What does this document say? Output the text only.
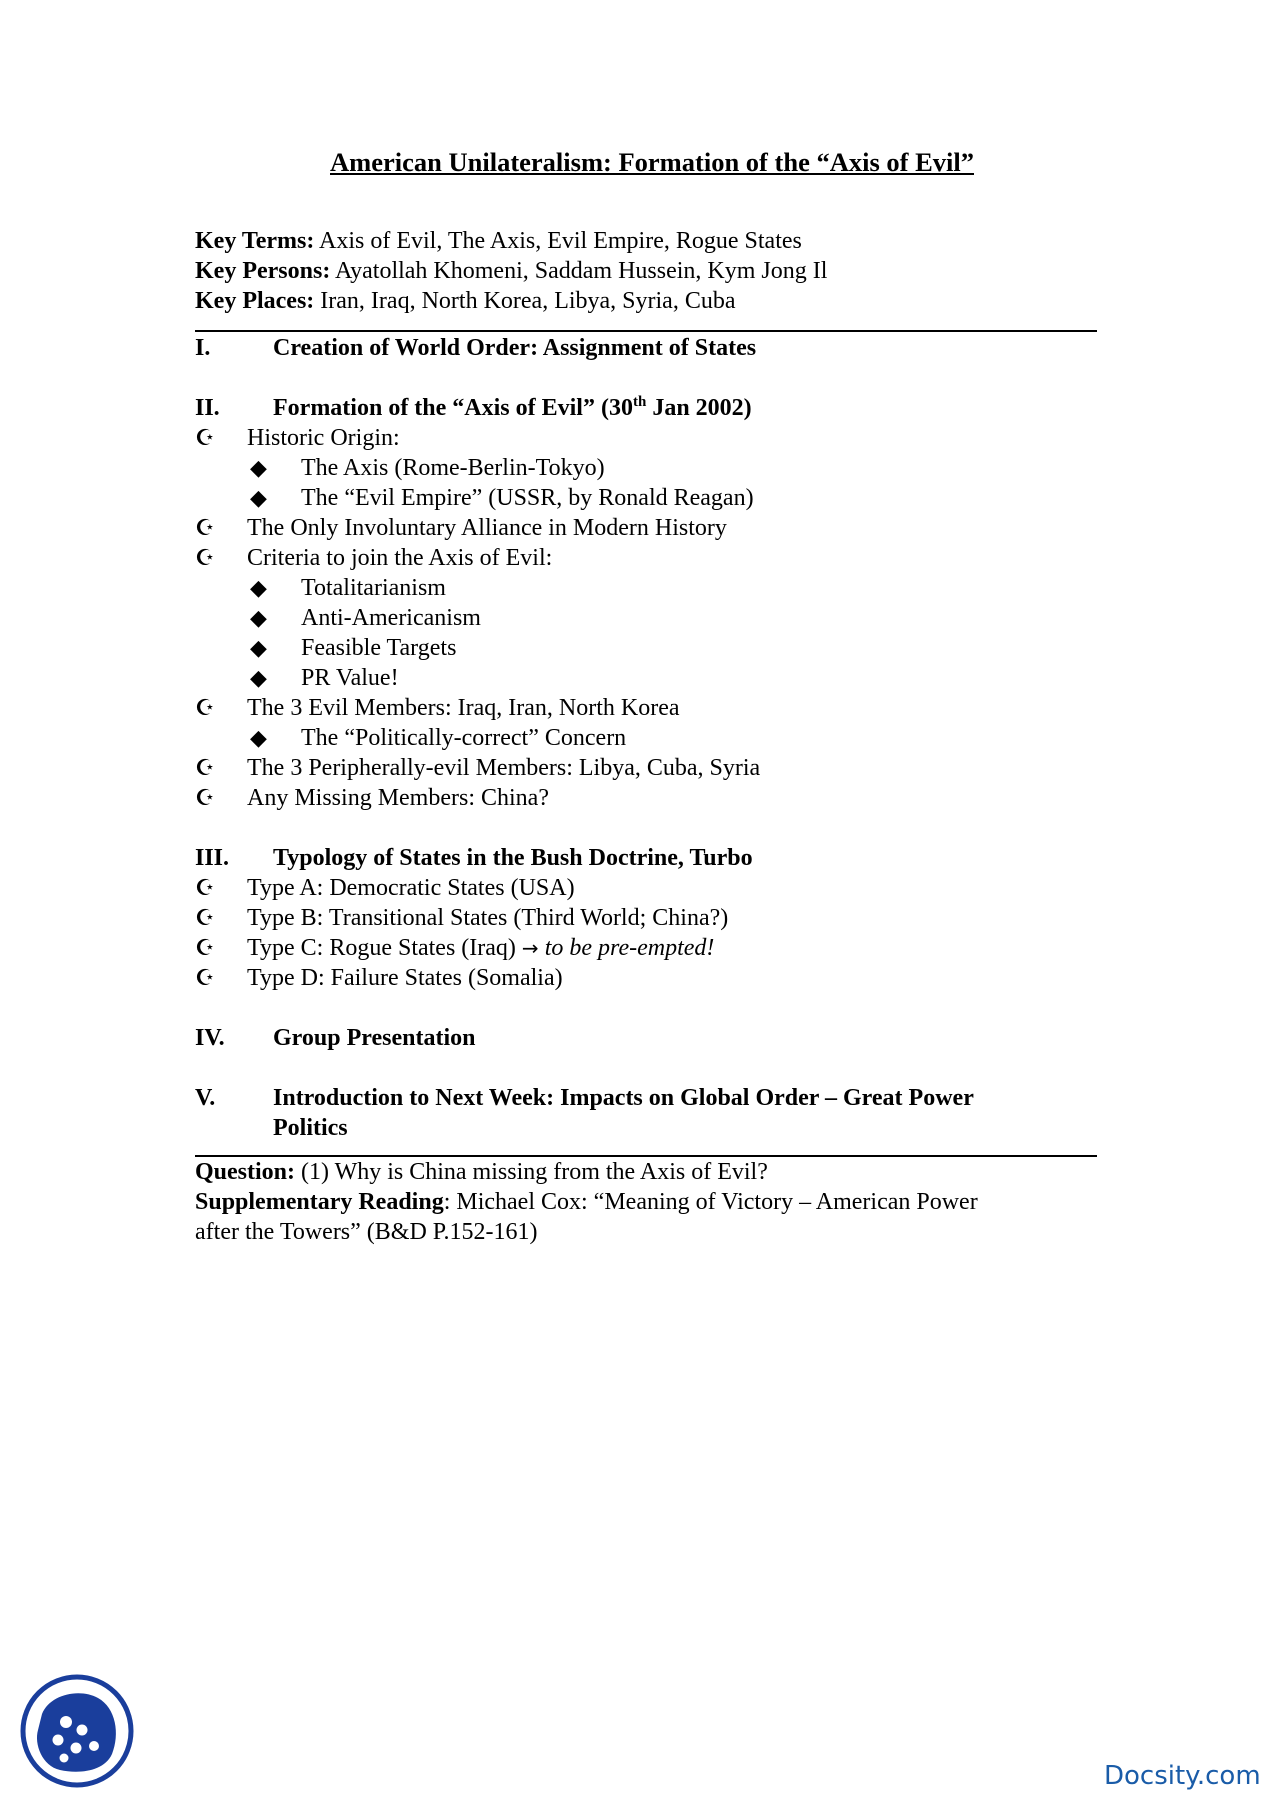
American Unilateralism: Formation of the “Axis of Evil”
Key Terms: Axis of Evil, The Axis, Evil Empire, Rogue States
Key Persons: Ayatollah Khomeni, Saddam Hussein, Kym Jong Il
Key Places: Iran, Iraq, North Korea, Libya, Syria, Cuba
I.	Creation of World Order: Assignment of States
II.	Formation of the “Axis of Evil” (30th Jan 2002)
☪	Historic Origin:
◆	The Axis (Rome-Berlin-Tokyo)
◆	The “Evil Empire” (USSR, by Ronald Reagan)
☪	The Only Involuntary Alliance in Modern History
☪	Criteria to join the Axis of Evil:
◆	Totalitarianism
◆	Anti-Americanism
◆	Feasible Targets
◆	PR Value!
☪	The 3 Evil Members: Iraq, Iran, North Korea
◆	The “Politically-correct” Concern
☪	The 3 Peripherally-evil Members: Libya, Cuba, Syria
☪	Any Missing Members: China?
III.	Typology of States in the Bush Doctrine, Turbo
☪	Type A: Democratic States (USA)
☪	Type B: Transitional States (Third World; China?)
☪	Type C: Rogue States (Iraq) → to be pre-empted!
☪	Type D: Failure States (Somalia)
IV.	Group Presentation
V.	Introduction to Next Week: Impacts on Global Order – Great Power Politics
Question: (1) Why is China missing from the Axis of Evil?
Supplementary Reading: Michael Cox: “Meaning of Victory – American Power
after the Towers” (B&D P.152-161)
Docsity.com
